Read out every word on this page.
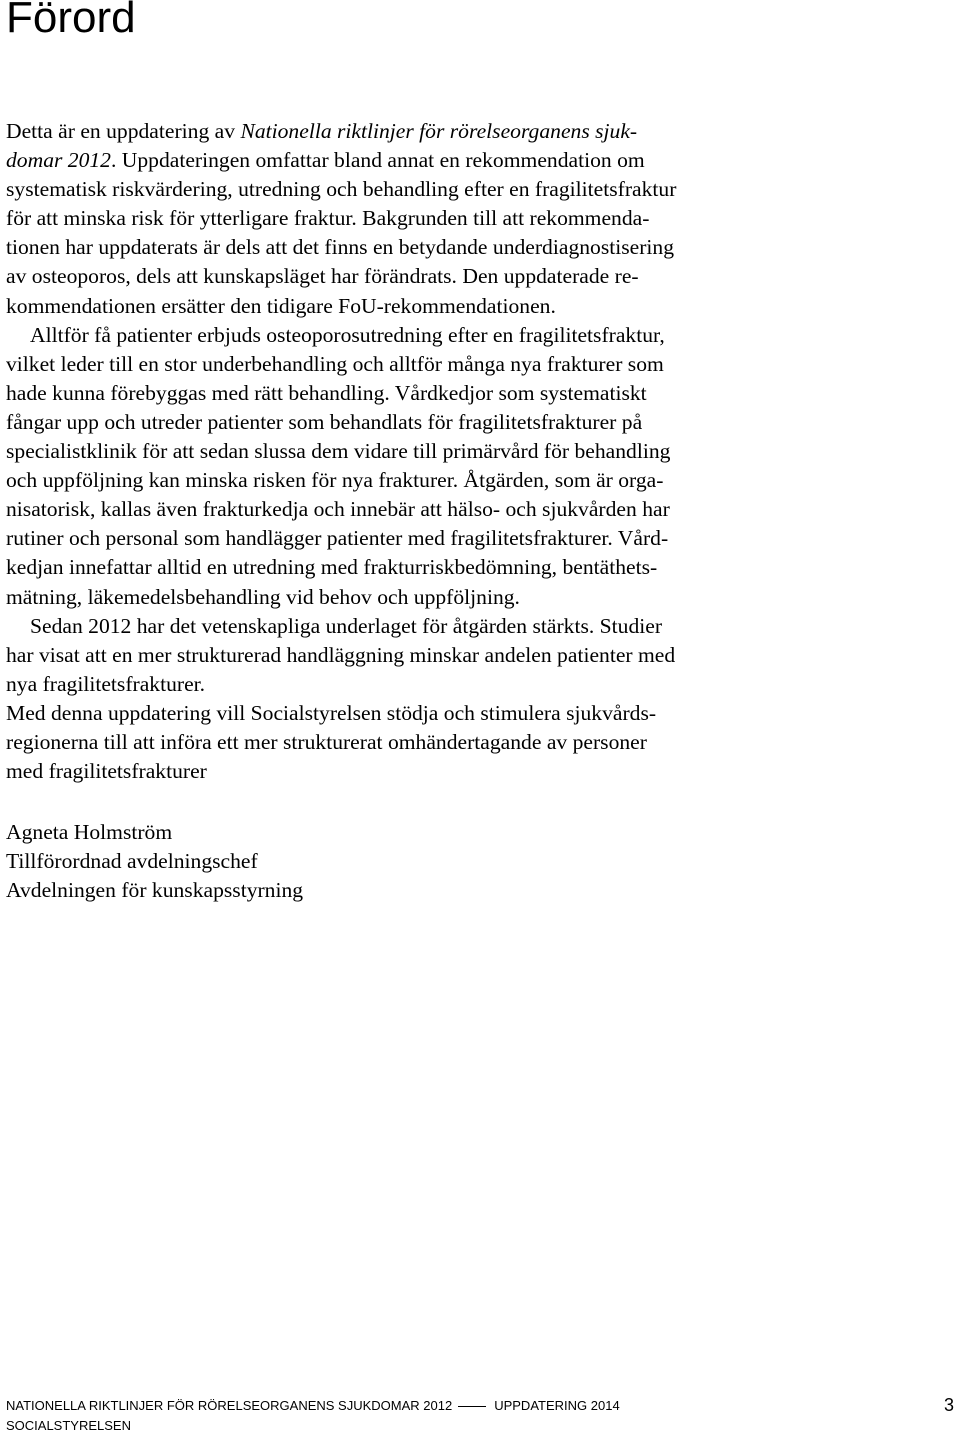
Förord
Detta är en uppdatering av Nationella riktlinjer för rörelseorganens sjuk-
domar 2012. Uppdateringen omfattar bland annat en rekommendation om
systematisk riskvärdering, utredning och behandling efter en fragilitetsfraktur
för att minska risk för ytterligare fraktur. Bakgrunden till att rekommenda-
tionen har uppdaterats är dels att det finns en betydande underdiagnostisering
av osteoporos, dels att kunskapsläget har förändrats. Den uppdaterade re-
kommendationen ersätter den tidigare FoU-rekommendationen.
Alltför få patienter erbjuds osteoporosutredning efter en fragilitetsfraktur,
vilket leder till en stor underbehandling och alltför många nya frakturer som
hade kunna förebyggas med rätt behandling. Vårdkedjor som systematiskt
fångar upp och utreder patienter som behandlats för fragilitetsfrakturer på
specialistklinik för att sedan slussa dem vidare till primärvård för behandling
och uppföljning kan minska risken för nya frakturer. Åtgärden, som är orga-
nisatorisk, kallas även frakturkedja och innebär att hälso- och sjukvården har
rutiner och personal som handlägger patienter med fragilitetsfrakturer. Vård-
kedjan innefattar alltid en utredning med frakturriskbedömning, bentäthets-
mätning, läkemedelsbehandling vid behov och uppföljning.
Sedan 2012 har det vetenskapliga underlaget för åtgärden stärkts. Studier
har visat att en mer strukturerad handläggning minskar andelen patienter med
nya fragilitetsfrakturer.
Med denna uppdatering vill Socialstyrelsen stödja och stimulera sjukvårds-
regionerna till att införa ett mer strukturerat omhändertagande av personer
med fragilitetsfrakturer
Agneta Holmström
Tillförordnad avdelningschef
Avdelningen för kunskapsstyrning
NATIONELLA RIKTLINJER FÖR RÖRELSEORGANENS SJUKDOMAR 2012	UPPDATERING 2014
SOCIALSTYRELSEN
3
